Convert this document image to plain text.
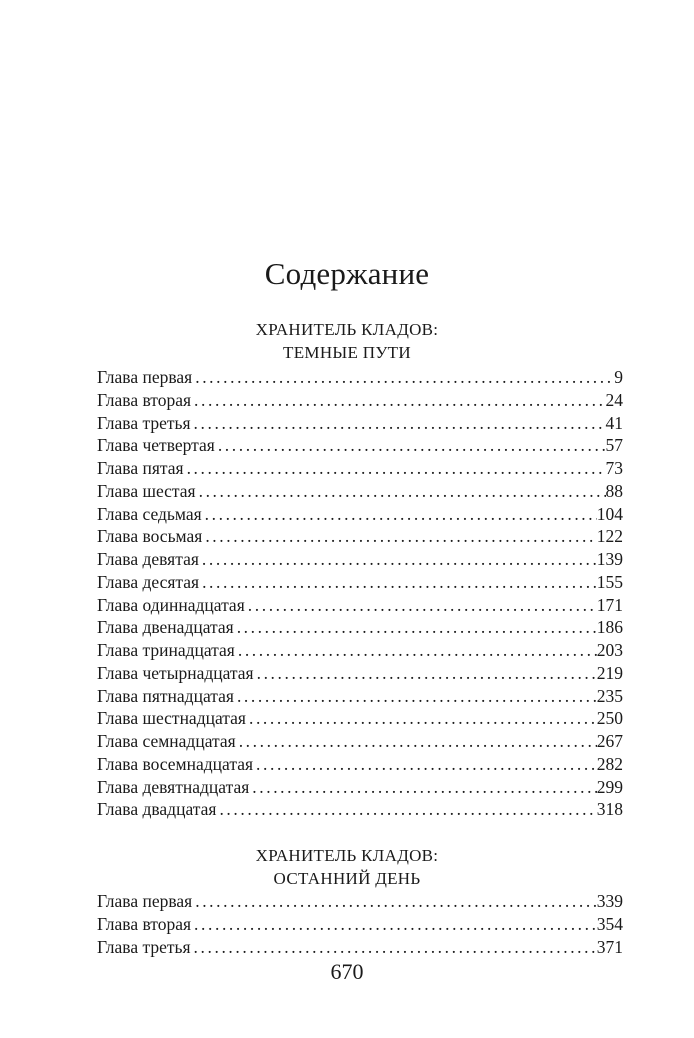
Содержание
ХРАНИТЕЛЬ КЛАДОВ:
ТЕМНЫЕ ПУТИ
Глава первая .....	9
Глава вторая .....	24
Глава третья .....	41
Глава четвертая .....	57
Глава пятая .....	73
Глава шестая .....	88
Глава седьмая .....	104
Глава восьмая .....	122
Глава девятая .....	139
Глава десятая .....	155
Глава одиннадцатая .....	171
Глава двенадцатая .....	186
Глава тринадцатая .....	203
Глава четырнадцатая .....	219
Глава пятнадцатая .....	235
Глава шестнадцатая .....	250
Глава семнадцатая .....	267
Глава восемнадцатая .....	282
Глава девятнадцатая .....	299
Глава двадцатая .....	318
ХРАНИТЕЛЬ КЛАДОВ:
ОСТАННИЙ ДЕНЬ
Глава первая .....	339
Глава вторая .....	354
Глава третья .....	371
670
